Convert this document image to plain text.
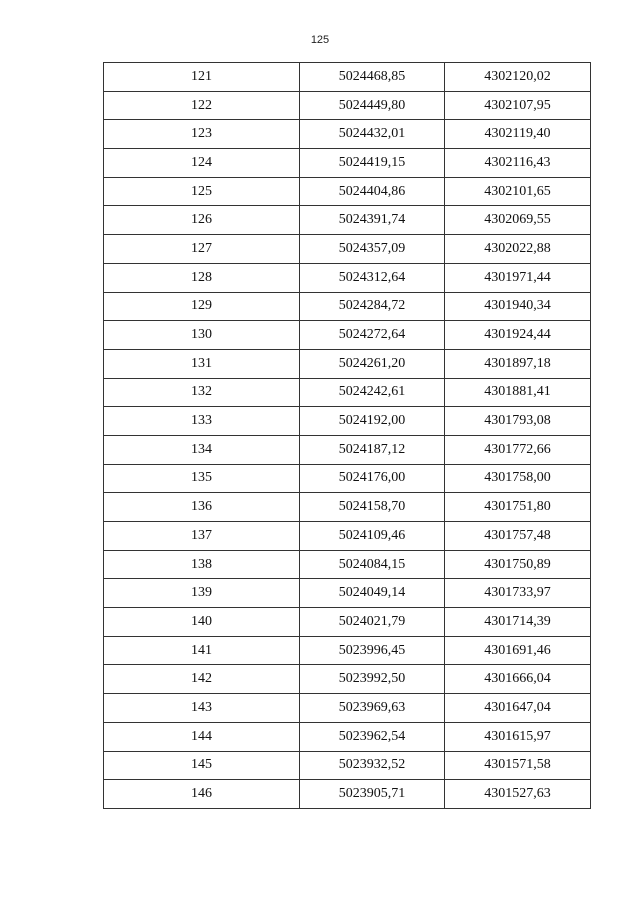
125
121	5024468,85	4302120,02
122	5024449,80	4302107,95
123	5024432,01	4302119,40
124	5024419,15	4302116,43
125	5024404,86	4302101,65
126	5024391,74	4302069,55
127	5024357,09	4302022,88
128	5024312,64	4301971,44
129	5024284,72	4301940,34
130	5024272,64	4301924,44
131	5024261,20	4301897,18
132	5024242,61	4301881,41
133	5024192,00	4301793,08
134	5024187,12	4301772,66
135	5024176,00	4301758,00
136	5024158,70	4301751,80
137	5024109,46	4301757,48
138	5024084,15	4301750,89
139	5024049,14	4301733,97
140	5024021,79	4301714,39
141	5023996,45	4301691,46
142	5023992,50	4301666,04
143	5023969,63	4301647,04
144	5023962,54	4301615,97
145	5023932,52	4301571,58
146	5023905,71	4301527,63
